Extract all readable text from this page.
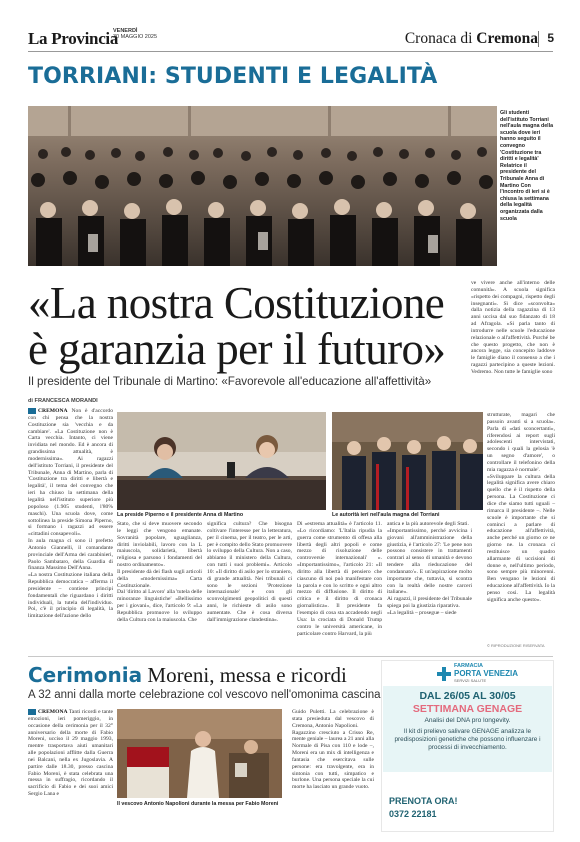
La Provincia
VENERDÌ
30 MAGGIO 2025	Cronaca di Cremona 5
TORRIANI: STUDENTI E LEGALITÀ
Gli studenti dell'istituto Torriani nell'aula magna della scuola dove ieri hanno seguito il convegno 'Costituzione tra diritti e legalità' Relatrice il presidente del Tribunale Anna di Martino Con l'incontro di ieri si è chiusa la settimana della legalità organizzata dalla scuola
«La nostra Costituzione
è garanzia per il futuro»
Il presidente del Tribunale di Martino: «Favorevole all'educazione all'affettività»
di FRANCESCA MORANDI
CREMONA Non è d'accordo con chi pensa che la nostra Costituzione sia 'vecchia e da cambiare'. «La Costituzione non è Carta vecchia. Intanto, ci viene invidiata nel mondo. Ed è ancora di grandissima attualità, è modernissima». Ai ragazzi dell'istituto Torriani, il presidente del Tribunale, Anna di Martino, parla di 'Costituzione tra diritti e libertà e legalità', il tema del convegno che ieri ha chiuso la settimana della legalità nell'istituto superiore più popoloso (1.905 studenti, l'80% maschi). Una scuola dove, come sottolinea la preside Simona Piperno, si formano i ragazzi ad essere «cittadini consapevoli».
In aula magna ci sono il prefetto Antonio Giannelli, il comandante provinciale dell'Arma dei carabinieri, Paolo Sambataro, della Guardia di finanza Massimo Dell'Anna.
«La nostra Costituzione italiana della Repubblica democratica – afferma il presidente – contiene principi fondamentali che riguardano i diritti individuali, la tutela dell'individuo. Poi, c'è il principio di legalità, la limitazione dell'azione dello
La preside Piperno e il presidente Anna di Martino	Le autorità ieri nell'aula magna del Torriani
Stato, che si deve muovere secondo le leggi che vengono emanate. Sovranità popolare, uguaglianza, diritti inviolabili, lavoro con la L maiuscola, solidarietà, libertà religiosa e parsono i fondamenti del nostro ordinamento».
Il presidente dà dei flash sugli articoli della «modernissima» Carta Costituzionale.
Dal 'diritto al Lavoro' alla 'tutela delle minoranze linguistiche' «Bellissimo per i giovani», dice, l'articolo 9: «La Repubblica promuove lo sviluppo della Cultura con la maiuscola. Che
significa cultura? Che bisogna coltivare l'interesse per la letteratura, per il cinema, per il teatro, per le arti, per è compito dello Stato promuovere lo sviluppo della Cultura. Non a caso, abbiamo il ministero della Cultura, con tutti i suoi problemi». Articolo 10: «Il diritto di asilo per lo straniero, di grande attualità. Nei tribunali ci sono le sezioni 'Protezione internazionale' e con gli sconvolgimenti geopolitici di questi anni, le richieste di asilo sono aumentate. Che è cosa diversa dall'immigrazione clandestina».
Di «estrema attualità» è l'articolo 11. «Lo ricordiamo: 'L'Italia ripudia la guerra come strumento di offesa alla libertà degli altri popoli e come mezzo di risoluzione delle controversie internazionali' «. «Importantissimo», l'articolo 21: «Il diritto alla libertà di pensiero che ciascuno di noi può manifestare con la parola e con lo scritto e ogni altro mezzo di diffusione. Il diritto di critica e il diritto di cronaca giornalistica». Il presidente fa l'esempio di cosa sta accadendo negli Usa: la crociata di Donald Trump contro le università americane, in particolare contro Harvard, la più
antica e la più autorevole degli Stati.
«Importantissimo, perché avvicina i giovani all'amministrazione della giustizia, è l'articolo 27: 'Le pene non possono consistere in trattamenti contrari al senso di umanità e devono tendere alla rieducazione del condannato'». E un'aspirazione molto importante che, tuttavia, si scontra con la realtà delle nostre carceri italiane».
Ai ragazzi, il presidente del Tribunale spiega poi la giustizia riparativa.
«La legalità – prosegue – siede
ve vivere anche all'interno delle comunità». A scuola significa «rispetto dei compagni, rispetto degli insegnanti». Sì dice «sconvolta» dalla notizia della ragazzina di 13 anni uccisa dal suo fidanzato di 18 ad Afragola. «Si parla tanto di introdurre nelle scuole l'educazione relazionale o all'affettività. Purché be che questo progetto, che non è ancora legge, sia concepito laddove le famiglie diano il consenso a che i ragazzi partecipino a queste lezioni. Vedremo. Non tutte le famiglie sono
strutturate, magari che passoin avanti si a scuola». Parla di «dati sconcertanti», riferendosi ai report sugli adolescenti intervistati, secondo i quali la gelosia 'è un segno d'amore', o controllare il telefonino della mia ragazza è normale'.
«Sviluppare la cultura della legalità significa avere chiaro quello che è il rispetto della persona. La Costituzione ci dice che siamo tutti uguali – rimarca il presidente –. Nelle scuole è importante che si cominci a parlare di educazione all'affettività, anche perché un giorno ce ne giorno ne. la cronaca ci restituisce un quadro allarmante di uccisioni di donne e, nell'ultimo periodo, sono sempre più minorenni. Ben vengano le lezioni di educazione all'affettività. Io la penso così. La legalità significa anche questo».
© RIPRODUZIONE RISERVATA
Cerimonia Moreni, messa e ricordi
A 32 anni dalla morte celebrazione col vescovo nell'omonima cascina
CREMONA Tanti ricordi e tante emozioni, ieri pomeriggio, in occasione della cerimonia per il 32° anniversario della morte di Fabio Moreni, ucciso il 29 maggio 1993, mentre trasportava aiuti umanitari alle popolazioni afflitte dalla Guerra nei Balcani, nella ex Jugoslavia. A partire dalle 18.30, presso cascina Fabio Moreni, è stata celebrata una messa in suffragio, ricordando il sacrificio di Fabio e dei suoi amici Sergio Lana e
Il vescovo Antonio Napolioni durante la messa per Fabio Moreni
Guido Puletti. La celebrazione è stata presieduta dal vescovo di Cremona, Antonio Napolioni.
Ragazzino cresciuto a Crisso Re, mente geniale – laurea a 21 anni alla Normale di Pisa con 110 e lode –, Moreni era un mix di intelligenza e fantasia che esercitava sulle persone: era travolgente, era in sintonia con tutti, simpatico e burlone. Una persona speciale la cui morte ha lasciato un grande vuoto.
FARMACIA
PORTA VENEZIA
SERVIZI SALUTE
DAL 26/05 AL 30/05
SETTIMANA GENAGE
Analisi del DNA pro longevity.
Il kit di prelievo salivare GENAGE analizza le predisposizioni genetiche che possono influenzare i processi di invecchiamento.
PRENOTA ORA!
0372 22181
